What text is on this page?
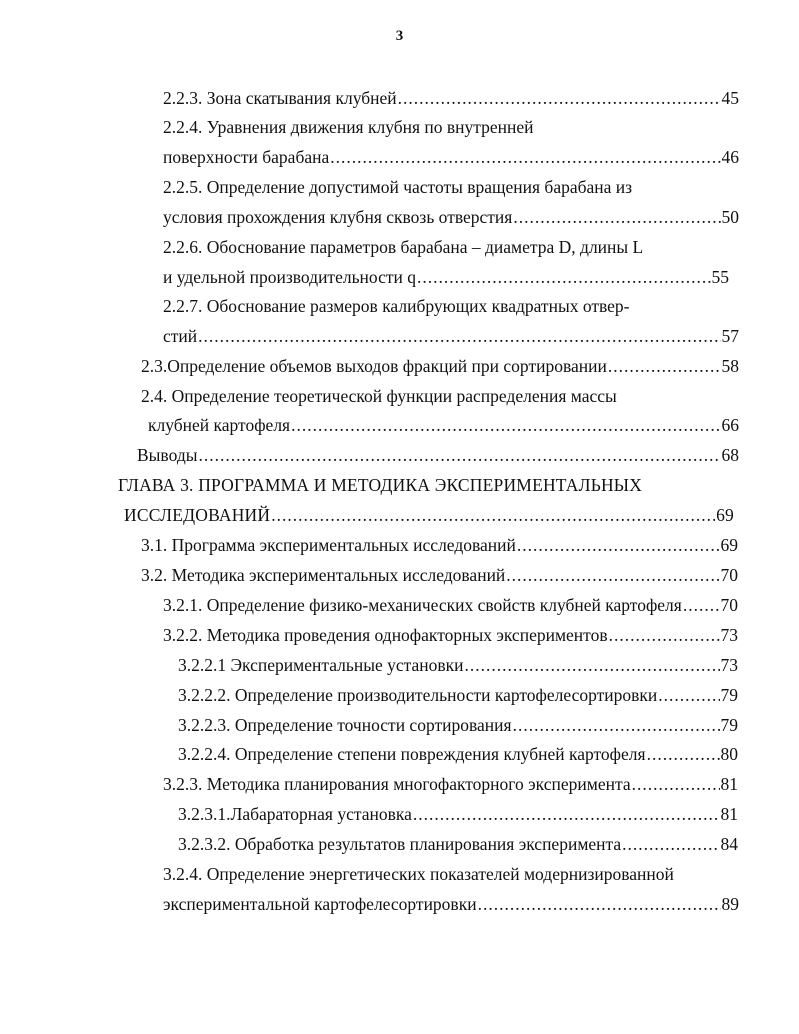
3
2.2.3. Зона скатывания клубней .....	45
2.2.4. Уравнения движения клубня по внутренней
поверхности барабана .....	46
2.2.5. Определение допустимой частоты вращения барабана из
условия прохождения клубня сквозь отверстия .....	50
2.2.6. Обоснование параметров барабана – диаметра D, длины L
и удельной производительности q .....	55
2.2.7. Обоснование размеров калибрующих квадратных отвер-
стий .....	57
2.3.Определение объемов выходов фракций при сортировании .....	58
2.4. Определение теоретической функции распределения массы
клубней картофеля .....	66
Выводы .....	68
ГЛАВА 3. ПРОГРАММА И МЕТОДИКА ЭКСПЕРИМЕНТАЛЬНЫХ
ИССЛЕДОВАНИЙ .....	69
3.1. Программа экспериментальных исследований .....	69
3.2. Методика экспериментальных исследований .....	70
3.2.1. Определение физико-механических свойств клубней картофеля ..... 70
3.2.2. Методика проведения однофакторных экспериментов .....	73
3.2.2.1 Экспериментальные установки .....	73
3.2.2.2. Определение производительности картофелесортировки .....	79
3.2.2.3. Определение точности сортирования .....	79
3.2.2.4. Определение степени повреждения клубней картофеля .....	80
3.2.3. Методика планирования многофакторного эксперимента .....	81
3.2.3.1.Лабараторная установка .....	81
3.2.3.2. Обработка результатов планирования эксперимента .....	84
3.2.4. Определение энергетических показателей модернизированной
экспериментальной картофелесортировки .....	89
